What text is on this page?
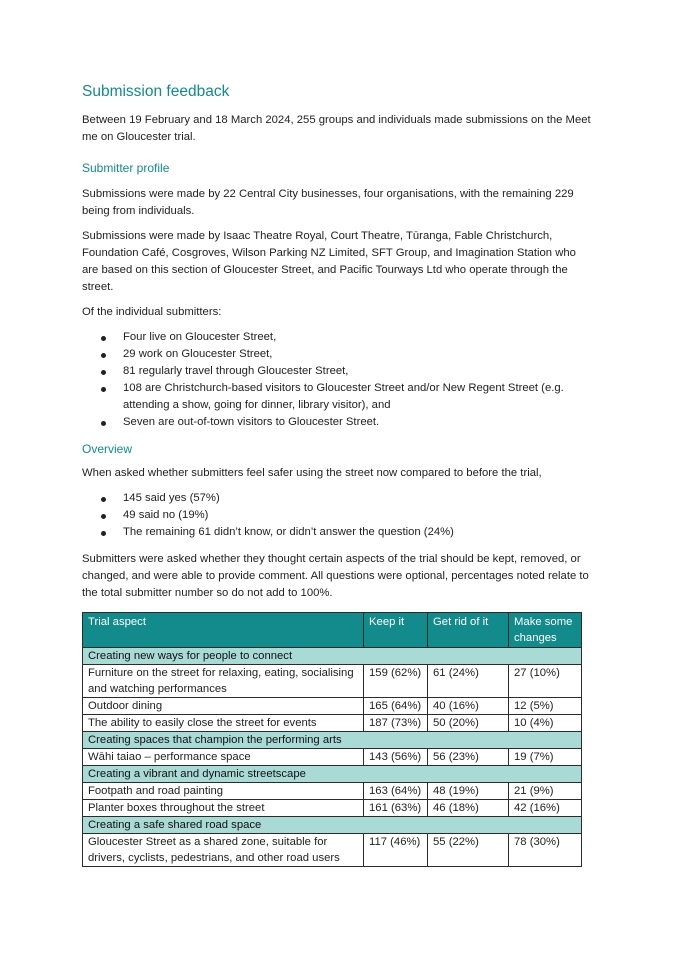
Submission feedback

Between 19 February and 18 March 2024, 255 groups and individuals made submissions on the Meet me on Gloucester trial.

Submitter profile

Submissions were made by 22 Central City businesses, four organisations, with the remaining 229 being from individuals.

Submissions were made by Isaac Theatre Royal, Court Theatre, Tūranga, Fable Christchurch, Foundation Café, Cosgroves, Wilson Parking NZ Limited, SFT Group, and Imagination Station who are based on this section of Gloucester Street, and Pacific Tourways Ltd who operate through the street.

Of the individual submitters:

Four live on Gloucester Street,
29 work on Gloucester Street,
81 regularly travel through Gloucester Street,
108 are Christchurch-based visitors to Gloucester Street and/or New Regent Street (e.g. attending a show, going for dinner, library visitor), and
Seven are out-of-town visitors to Gloucester Street.
Overview

When asked whether submitters feel safer using the street now compared to before the trial,

145 said yes (57%)
49 said no (19%)
The remaining 61 didn’t know, or didn’t answer the question (24%)

Submitters were asked whether they thought certain aspects of the trial should be kept, removed, or changed, and were able to provide comment. All questions were optional, percentages noted relate to the total submitter number so do not add to 100%.

Trial aspect	Keep it	Get rid of it	Make some changes
Creating new ways for people to connect			
Furniture on the street for relaxing, eating, socialising and watching performances	159 (62%)	61 (24%)	27 (10%)
Outdoor dining	165 (64%)	40 (16%)	12 (5%)
The ability to easily close the street for events	187 (73%)	50 (20%)	10 (4%)
Creating spaces that champion the performing arts			
Wāhi taiao – performance space	143 (56%)	56 (23%)	19 (7%)
Creating a vibrant and dynamic streetscape			
Footpath and road painting	163 (64%)	48 (19%)	21 (9%)
Planter boxes throughout the street	161 (63%)	46 (18%)	42 (16%)
Creating a safe shared road space			
Gloucester Street as a shared zone, suitable for drivers, cyclists, pedestrians, and other road users	117 (46%)	55 (22%)	78 (30%)
